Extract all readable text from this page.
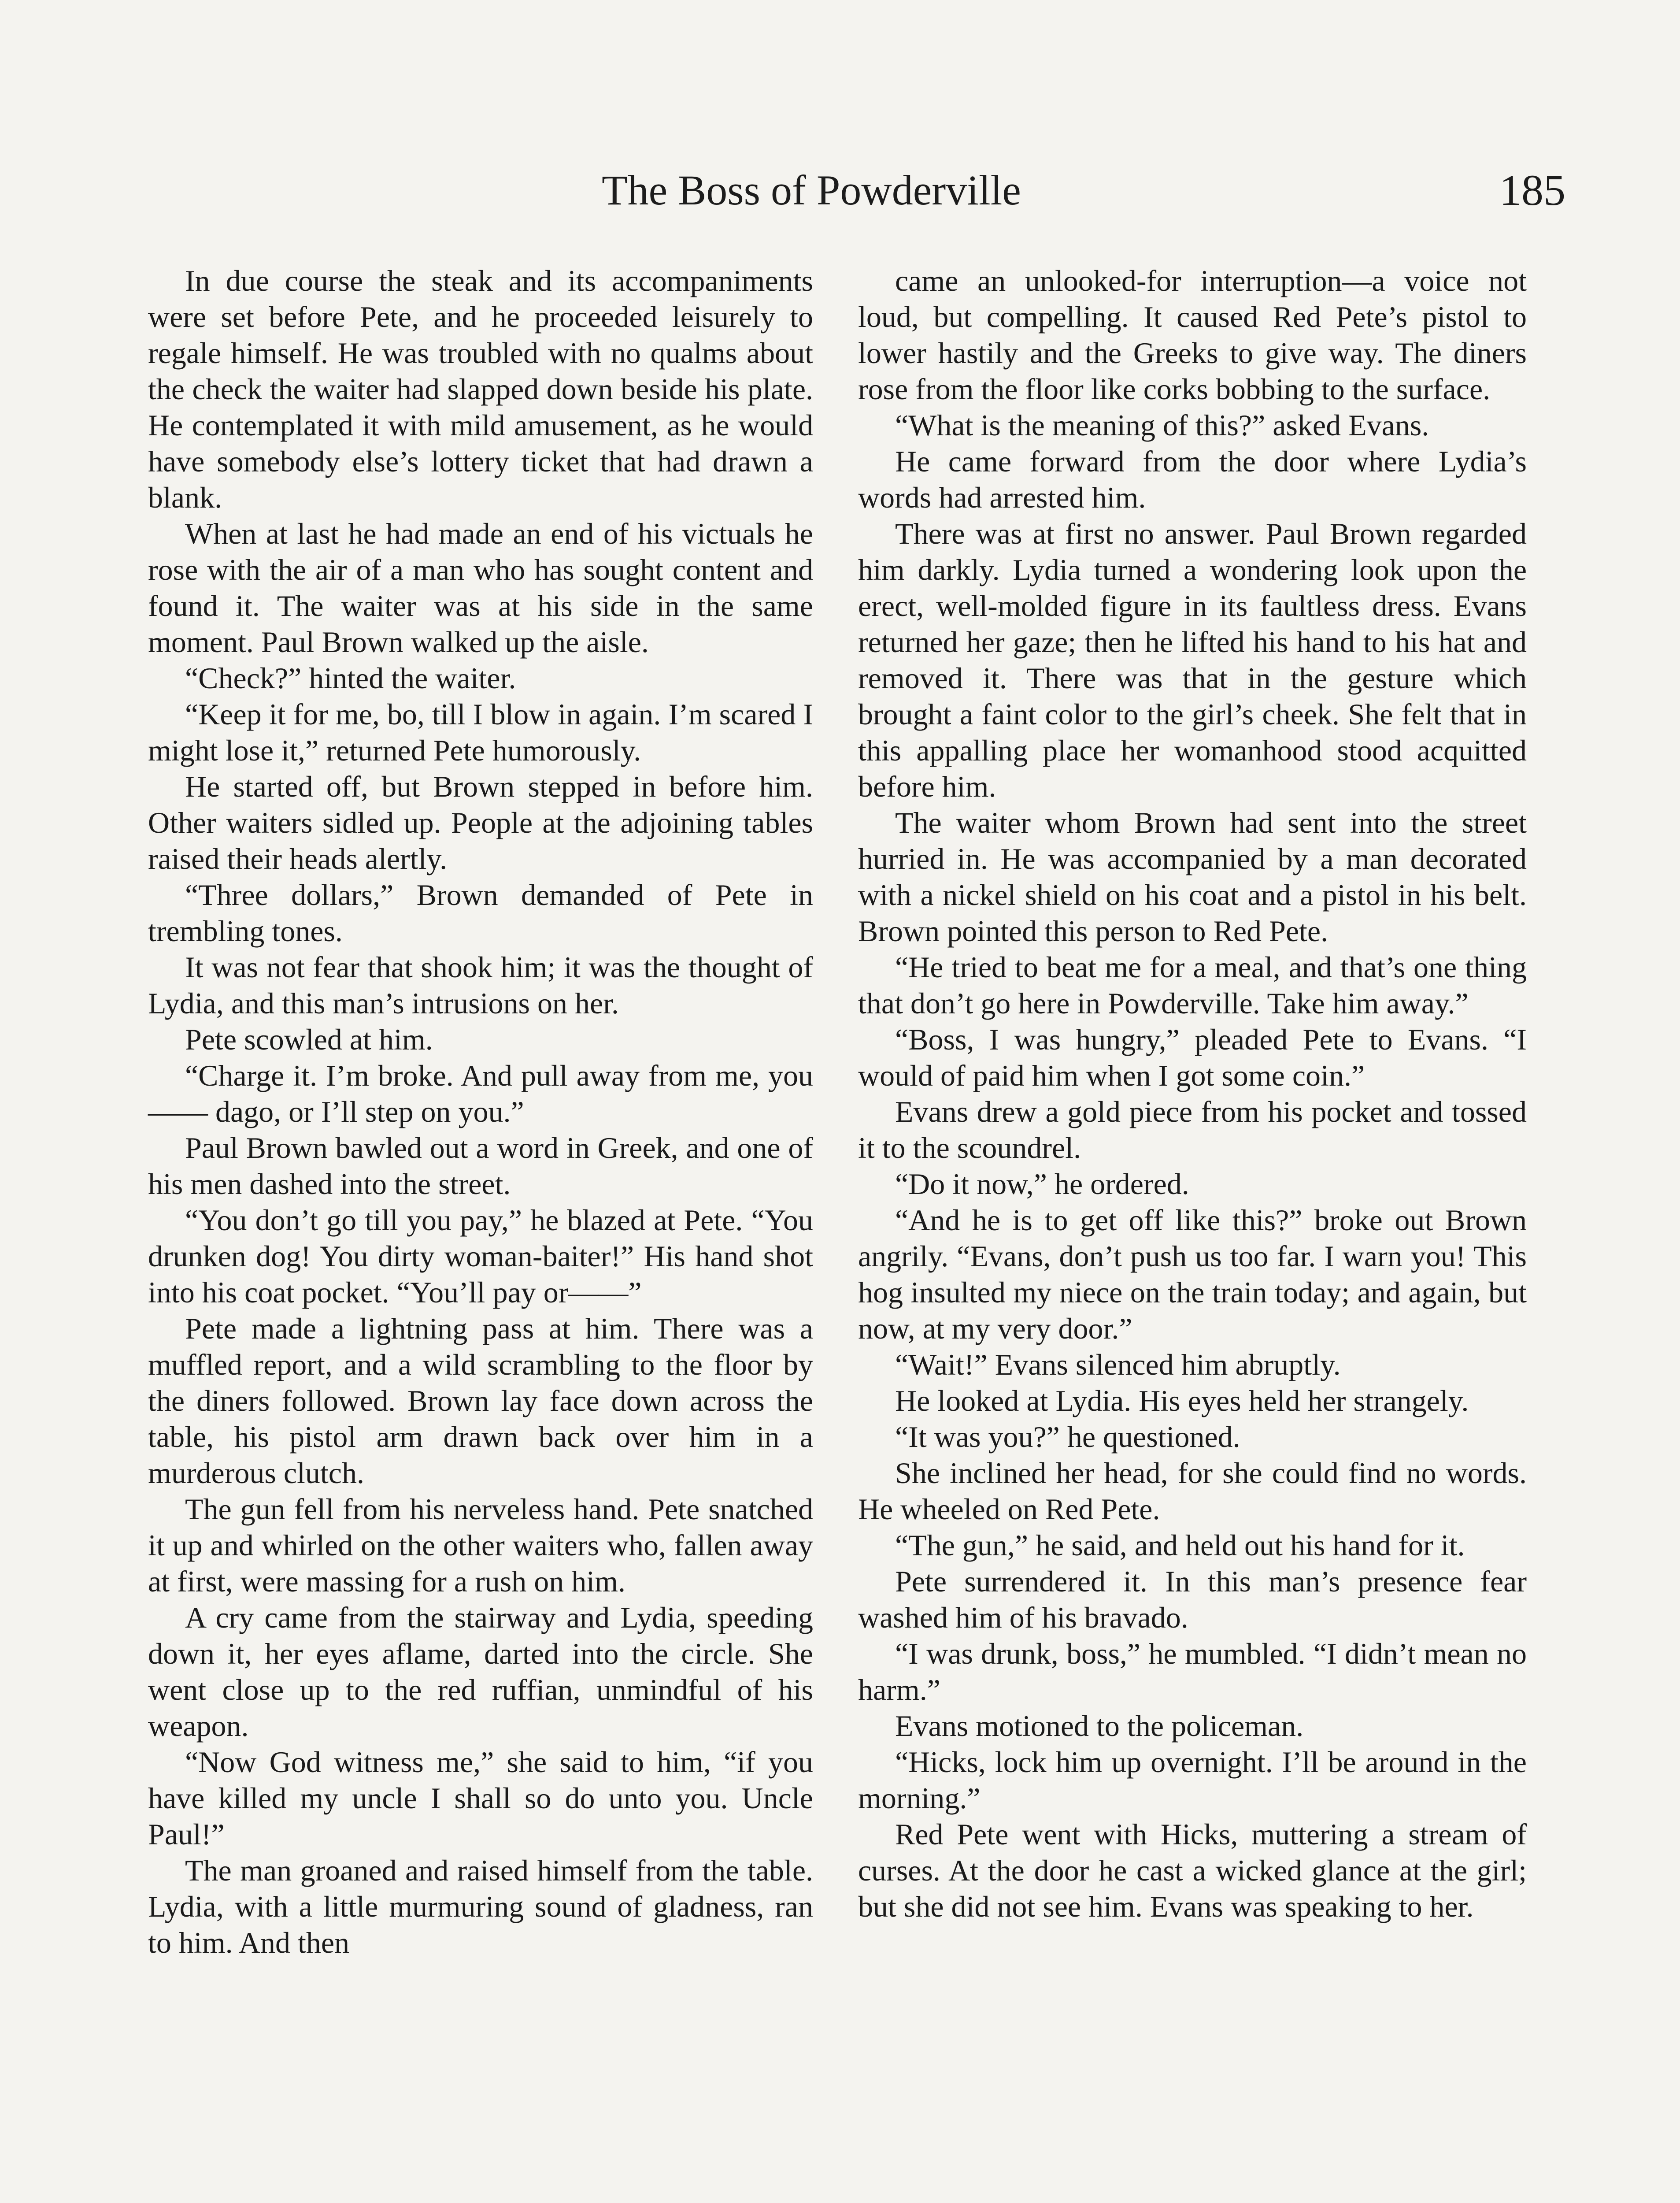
The Boss of Powderville	185

In due course the steak and its accompaniments were set before Pete, and he proceeded leisurely to regale himself. He was troubled with no qualms about the check the waiter had slapped down beside his plate. He contemplated it with mild amusement, as he would have somebody else’s lottery ticket that had drawn a blank.

When at last he had made an end of his victuals he rose with the air of a man who has sought content and found it. The waiter was at his side in the same moment. Paul Brown walked up the aisle.

“Check?” hinted the waiter.

“Keep it for me, bo, till I blow in again. I’m scared I might lose it,” returned Pete humorously.

He started off, but Brown stepped in before him. Other waiters sidled up. People at the adjoining tables raised their heads alertly.

“Three dollars,” Brown demanded of Pete in trembling tones.

It was not fear that shook him; it was the thought of Lydia, and this man’s intrusions on her.

Pete scowled at him.

“Charge it. I’m broke. And pull away from me, you —— dago, or I’ll step on you.”

Paul Brown bawled out a word in Greek, and one of his men dashed into the street.

“You don’t go till you pay,” he blazed at Pete. “You drunken dog! You dirty woman-baiter!” His hand shot into his coat pocket. “You’ll pay or——”

Pete made a lightning pass at him. There was a muffled report, and a wild scrambling to the floor by the diners followed. Brown lay face down across the table, his pistol arm drawn back over him in a murderous clutch.

The gun fell from his nerveless hand. Pete snatched it up and whirled on the other waiters who, fallen away at first, were massing for a rush on him.

A cry came from the stairway and Lydia, speeding down it, her eyes aflame, darted into the circle. She went close up to the red ruffian, unmindful of his weapon.

“Now God witness me,” she said to him, “if you have killed my uncle I shall so do unto you. Uncle Paul!”

The man groaned and raised himself from the table. Lydia, with a little murmuring sound of gladness, ran to him. And then

came an unlooked-for interruption—a voice not loud, but compelling. It caused Red Pete’s pistol to lower hastily and the Greeks to give way. The diners rose from the floor like corks bobbing to the surface.

“What is the meaning of this?” asked Evans.

He came forward from the door where Lydia’s words had arrested him.

There was at first no answer. Paul Brown regarded him darkly. Lydia turned a wondering look upon the erect, well-molded figure in its faultless dress. Evans returned her gaze; then he lifted his hand to his hat and removed it. There was that in the gesture which brought a faint color to the girl’s cheek. She felt that in this appalling place her womanhood stood acquitted before him.

The waiter whom Brown had sent into the street hurried in. He was accompanied by a man decorated with a nickel shield on his coat and a pistol in his belt. Brown pointed this person to Red Pete.

“He tried to beat me for a meal, and that’s one thing that don’t go here in Powderville. Take him away.”

“Boss, I was hungry,” pleaded Pete to Evans. “I would of paid him when I got some coin.”

Evans drew a gold piece from his pocket and tossed it to the scoundrel.

“Do it now,” he ordered.

“And he is to get off like this?” broke out Brown angrily. “Evans, don’t push us too far. I warn you! This hog insulted my niece on the train today; and again, but now, at my very door.”

“Wait!” Evans silenced him abruptly.

He looked at Lydia. His eyes held her strangely.

“It was you?” he questioned.

She inclined her head, for she could find no words. He wheeled on Red Pete.

“The gun,” he said, and held out his hand for it.

Pete surrendered it. In this man’s presence fear washed him of his bravado.

“I was drunk, boss,” he mumbled. “I didn’t mean no harm.”

Evans motioned to the policeman.

“Hicks, lock him up overnight. I’ll be around in the morning.”

Red Pete went with Hicks, muttering a stream of curses. At the door he cast a wicked glance at the girl; but she did not see him. Evans was speaking to her.
